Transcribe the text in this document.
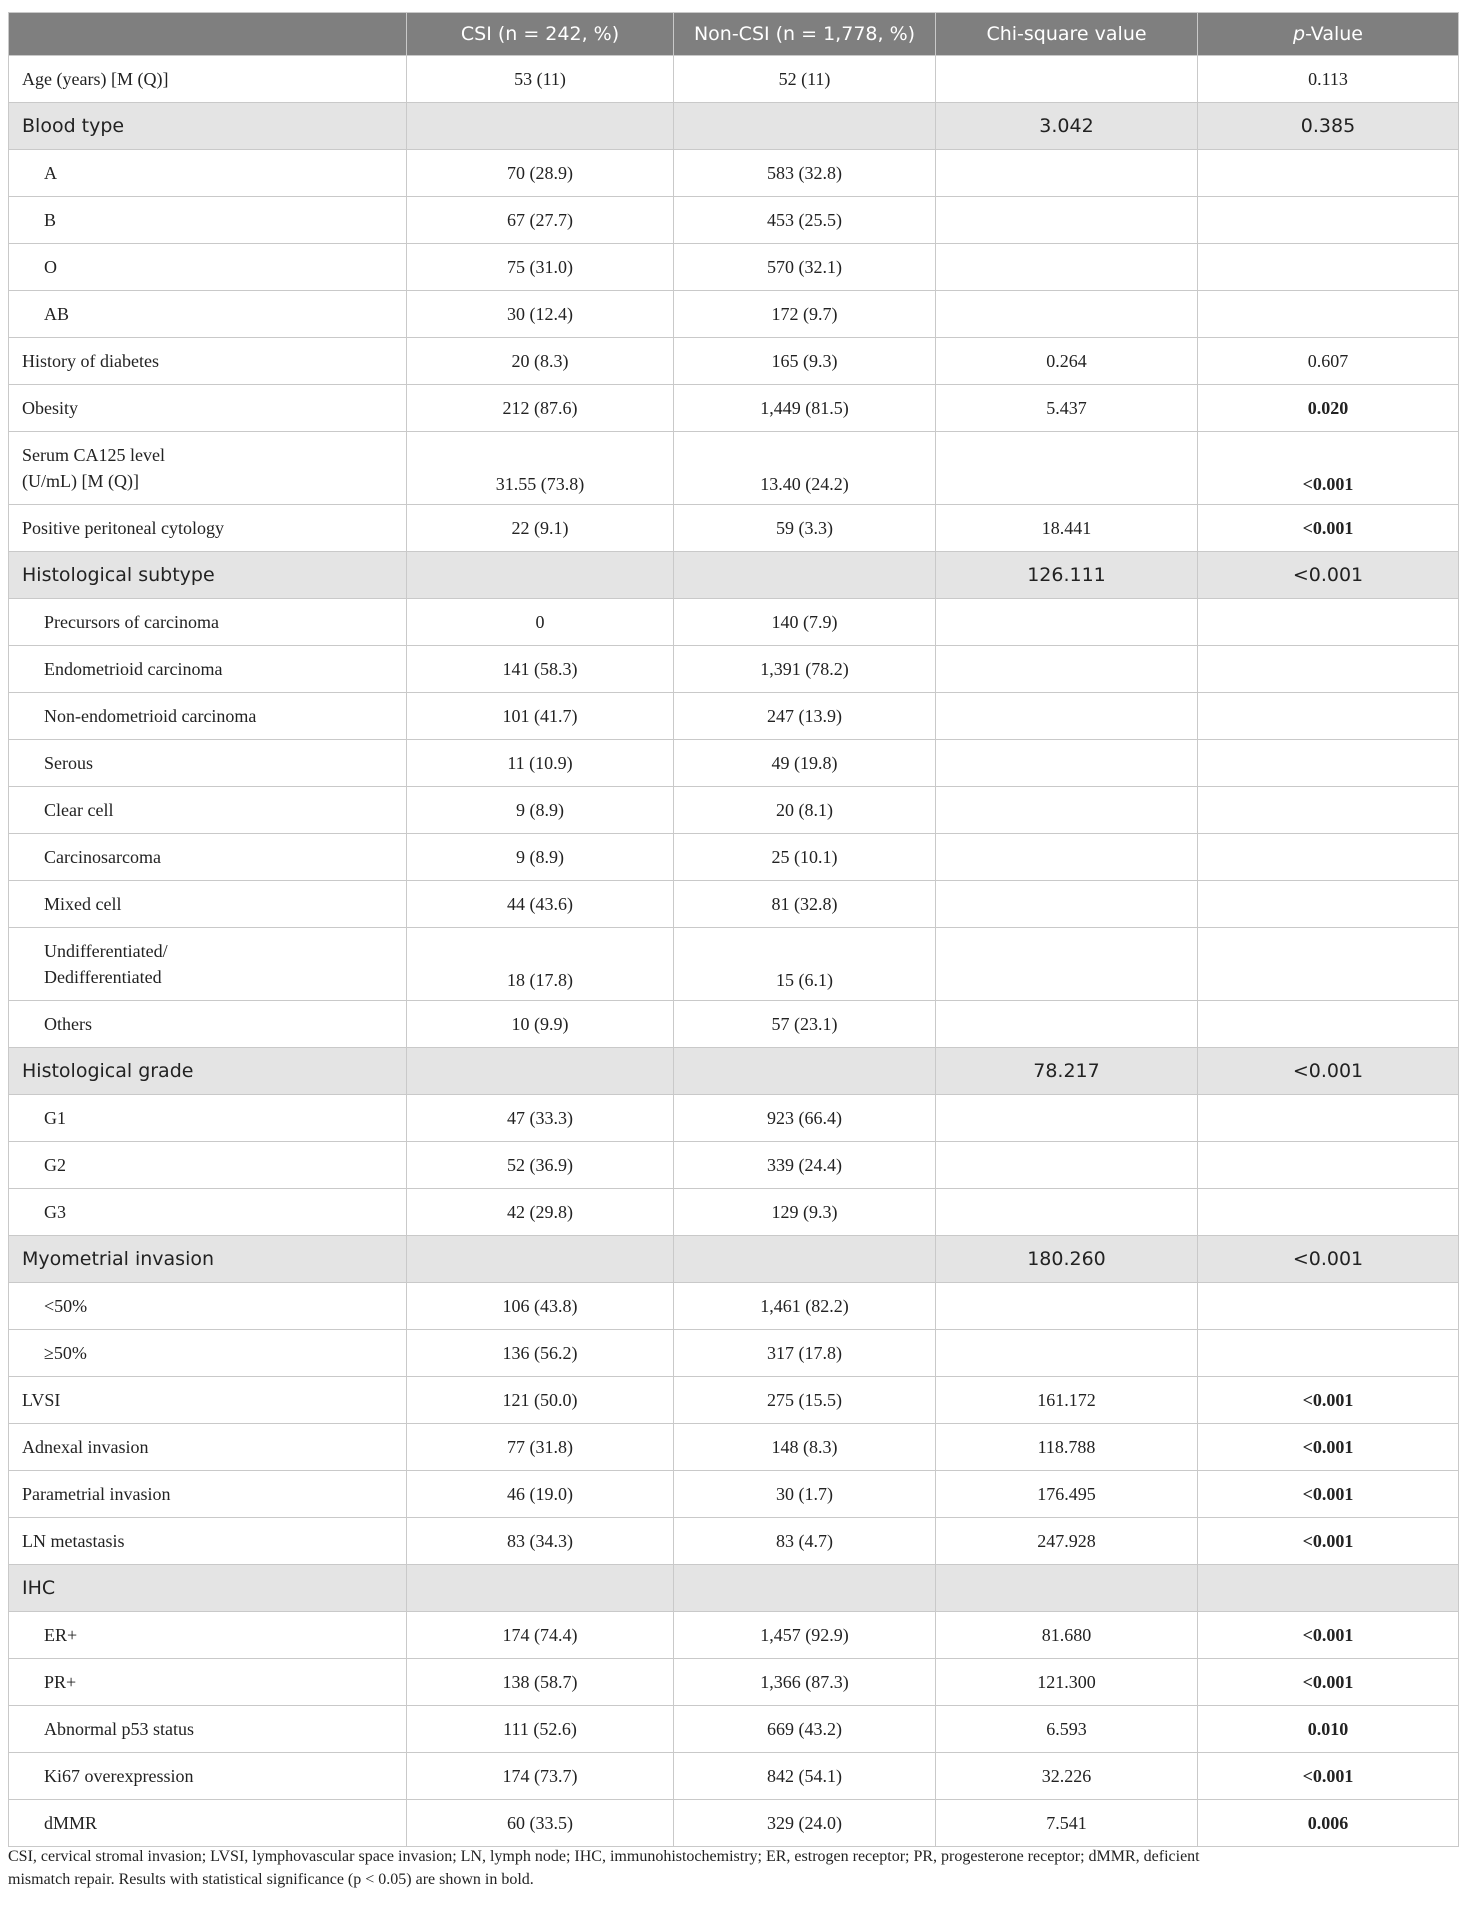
	CSI (n = 242, %)	Non-CSI (n = 1,778, %)	Chi-square value	p-Value
Age (years) [M (Q)]	53 (11)	52 (11)		0.113
Blood type			3.042	0.385
A	70 (28.9)	583 (32.8)		
B	67 (27.7)	453 (25.5)		
O	75 (31.0)	570 (32.1)		
AB	30 (12.4)	172 (9.7)		
History of diabetes	20 (8.3)	165 (9.3)	0.264	0.607
Obesity	212 (87.6)	1,449 (81.5)	5.437	0.020
Serum CA125 level
(U/mL) [M (Q)]	31.55 (73.8)	13.40 (24.2)		<0.001
Positive peritoneal cytology	22 (9.1)	59 (3.3)	18.441	<0.001
Histological subtype			126.111	<0.001
Precursors of carcinoma	0	140 (7.9)		
Endometrioid carcinoma	141 (58.3)	1,391 (78.2)		
Non-endometrioid carcinoma	101 (41.7)	247 (13.9)		
Serous	11 (10.9)	49 (19.8)		
Clear cell	9 (8.9)	20 (8.1)		
Carcinosarcoma	9 (8.9)	25 (10.1)		
Mixed cell	44 (43.6)	81 (32.8)		
Undifferentiated/
Dedifferentiated	18 (17.8)	15 (6.1)		
Others	10 (9.9)	57 (23.1)		
Histological grade			78.217	<0.001
G1	47 (33.3)	923 (66.4)		
G2	52 (36.9)	339 (24.4)		
G3	42 (29.8)	129 (9.3)		
Myometrial invasion			180.260	<0.001
<50%	106 (43.8)	1,461 (82.2)		
≥50%	136 (56.2)	317 (17.8)		
LVSI	121 (50.0)	275 (15.5)	161.172	<0.001
Adnexal invasion	77 (31.8)	148 (8.3)	118.788	<0.001
Parametrial invasion	46 (19.0)	30 (1.7)	176.495	<0.001
LN metastasis	83 (34.3)	83 (4.7)	247.928	<0.001
IHC				
ER+	174 (74.4)	1,457 (92.9)	81.680	<0.001
PR+	138 (58.7)	1,366 (87.3)	121.300	<0.001
Abnormal p53 status	111 (52.6)	669 (43.2)	6.593	0.010
Ki67 overexpression	174 (73.7)	842 (54.1)	32.226	<0.001
dMMR	60 (33.5)	329 (24.0)	7.541	0.006
CSI, cervical stromal invasion; LVSI, lymphovascular space invasion; LN, lymph node; IHC, immunohistochemistry; ER, estrogen receptor; PR, progesterone receptor; dMMR, deficient
mismatch repair. Results with statistical significance (p < 0.05) are shown in bold.
